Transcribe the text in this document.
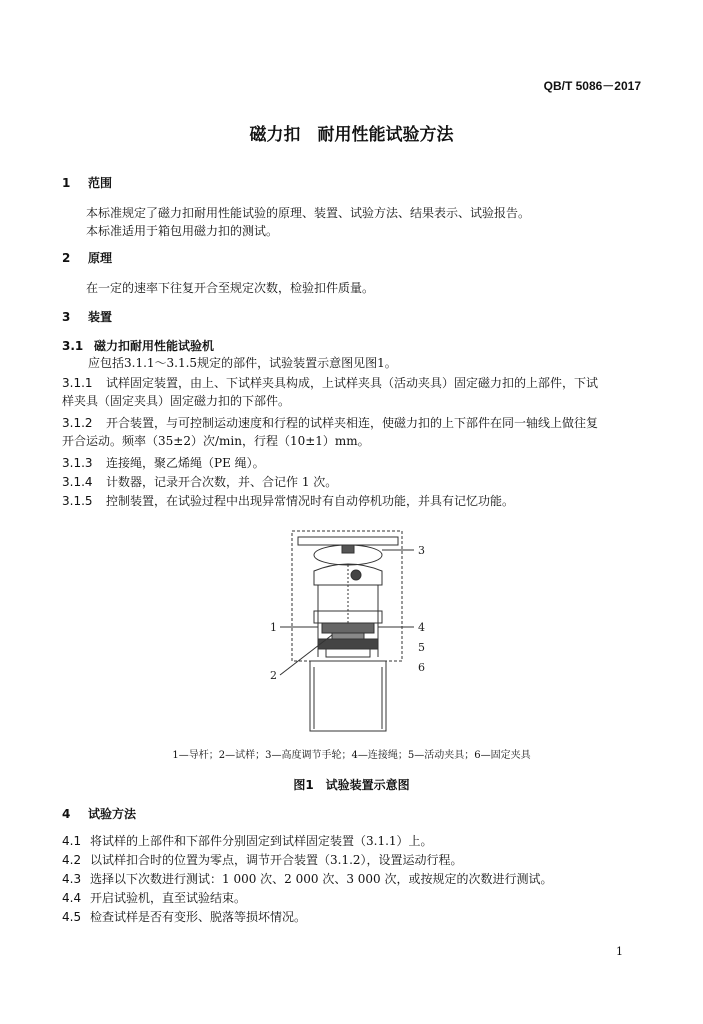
QB/T 5086－2017
磁力扣　耐用性能试验方法
1 范围
本标准规定了磁力扣耐用性能试验的原理、装置、试验方法、结果表示、试验报告。
本标准适用于箱包用磁力扣的测试。
2 原理
在一定的速率下往复开合至规定次数，检验扣件质量。
3 装置
3.1 磁力扣耐用性能试验机
应包括3.1.1～3.1.5规定的部件，试验装置示意图见图1。
3.1.1 试样固定装置，由上、下试样夹具构成，上试样夹具（活动夹具）固定磁力扣的上部件，下试
样夹具（固定夹具）固定磁力扣的下部件。
3.1.2 开合装置，与可控制运动速度和行程的试样夹相连，使磁力扣的上下部件在同一轴线上做往复
开合运动。频率（35±2）次/min，行程（10±1）mm。
3.1.3 连接绳，聚乙烯绳（PE 绳）。
3.1.4 计数器，记录开合次数，并、合记作 1 次。
3.1.5 控制装置，在试验过程中出现异常情况时有自动停机功能，并具有记忆功能。
3
1	4
5
6
2
1—导杆；2—试样；3—高度调节手轮；4—连接绳；5—活动夹具；6—固定夹具
图1　试验装置示意图
4 试验方法
4.1 将试样的上部件和下部件分别固定到试样固定装置（3.1.1）上。
4.2 以试样扣合时的位置为零点，调节开合装置（3.1.2），设置运动行程。
4.3 选择以下次数进行测试：1 000 次、2 000 次、3 000 次，或按规定的次数进行测试。
4.4 开启试验机，直至试验结束。
4.5 检查试样是否有变形、脱落等损坏情况。
1
